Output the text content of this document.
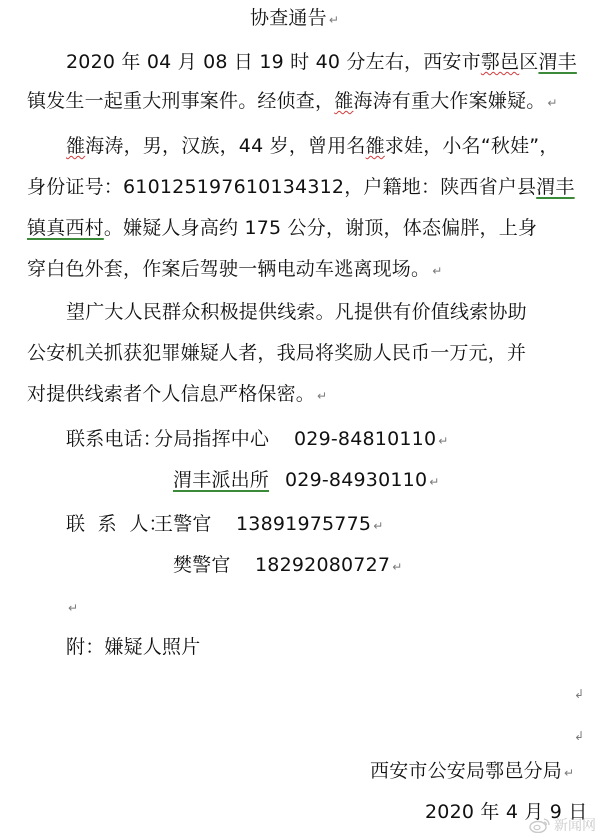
协查通告 ↵
2020 年 04 月 08 日 19 时 40 分左右，西安市鄠邑区渭丰
镇发生一起重大刑事案件。经侦查，雒海涛有重大作案嫌疑。 ↵
雒海涛，男，汉族，44 岁，曾用名雒求娃，小名“秋娃”，
身份证号：610125197610134312，户籍地：陕西省户县渭丰
镇真西村。嫌疑人身高约 175 公分，谢顶，体态偏胖，上身
穿白色外套，作案后驾驶一辆电动车逃离现场。 ↵
望广大人民群众积极提供线索。凡提供有价值线索协助
公安机关抓获犯罪嫌疑人者，我局将奖励人民币一万元，并
对提供线索者个人信息严格保密。 ↵
联系电话：分局指挥中心 029-84810110 ↵
渭丰派出所 029-84930110 ↵
联  系  人：王警官 13891975775 ↵
樊警官 18292080727 ↵
↵
附：嫌疑人照片
↲
↲
西安市公安局鄠邑分局 ↵
2020 年 4 月 9 日
新闻网
